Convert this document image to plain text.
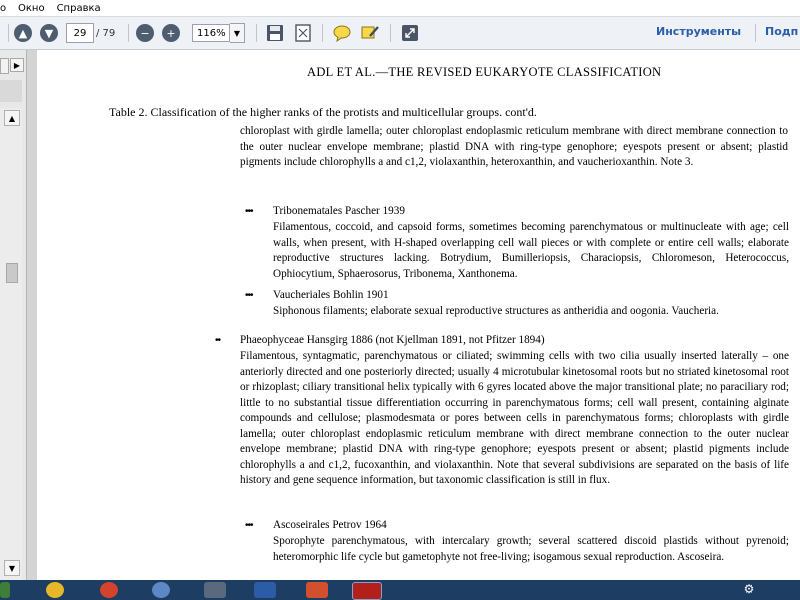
о Окно Справка
▲	▼	29 / 79	−	+	116%	▼	Инструменты Подп
▶
▲
▼
ADL ET AL.—THE REVISED EUKARYOTE CLASSIFICATION
Table 2. Classification of the higher ranks of the protists and multicellular groups. cont'd.
chloroplast with girdle lamella; outer chloroplast endoplasmic reticulum membrane with direct membrane connection to the outer nuclear envelope membrane; plastid DNA with ring-type genophore; eyespots present or absent; plastid pigments include chlorophylls a and c1,2, violaxanthin, heteroxanthin, and vaucherioxanthin. Note 3.
••• Tribonematales Pascher 1939
Filamentous, coccoid, and capsoid forms, sometimes becoming parenchymatous or multinucleate with age; cell walls, when present, with H-shaped overlapping cell wall pieces or with complete or entire cell walls; elaborate reproductive structures lacking. Botrydium, Bumilleriopsis, Characiopsis, Chloromeson, Heterococcus, Ophiocytium, Sphaerosorus, Tribonema, Xanthonema.
••• Vaucheriales Bohlin 1901
Siphonous filaments; elaborate sexual reproductive structures as antheridia and oogonia. Vaucheria.
•• Phaeophyceae Hansgirg 1886 (not Kjellman 1891, not Pfitzer 1894)
Filamentous, syntagmatic, parenchymatous or ciliated; swimming cells with two cilia usually inserted laterally – one anteriorly directed and one posteriorly directed; usually 4 microtubular kinetosomal roots but no striated kinetosomal root or rhizoplast; ciliary transitional helix typically with 6 gyres located above the major transitional plate; no paraciliary rod; little to no substantial tissue differentiation occurring in parenchymatous forms; cell wall present, containing alginate compounds and cellulose; plasmodesmata or pores between cells in parenchymatous forms; chloroplasts with girdle lamella; outer chloroplast endoplasmic reticulum membrane with direct membrane connection to the outer nuclear envelope membrane; plastid DNA with ring-type genophore; eyespots present or absent; plastid pigments include chlorophylls a and c1,2, fucoxanthin, and violaxanthin. Note that several subdivisions are separated on the basis of life history and gene sequence information, but taxonomic classification is still in flux.
••• Ascoseirales Petrov 1964
Sporophyte parenchymatous, with intercalary growth; several scattered discoid plastids without pyrenoid; heteromorphic life cycle but gametophyte not free-living; isogamous sexual reproduction. Ascoseira.
⚙
